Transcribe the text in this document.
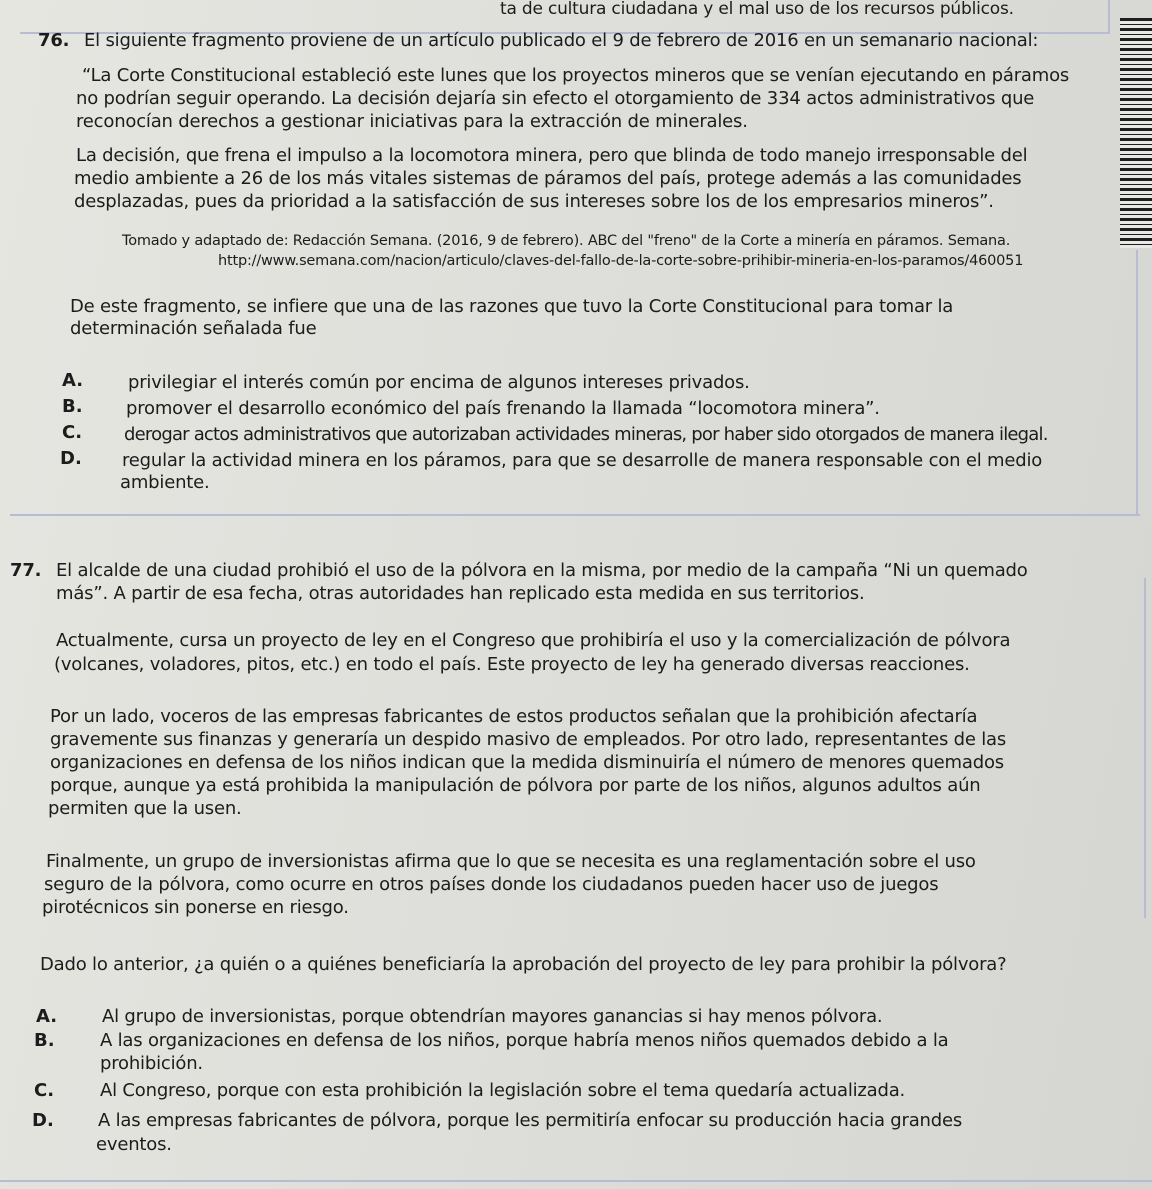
ta de cultura ciudadana y el mal uso de los recursos públicos.
76. El siguiente fragmento proviene de un artículo publicado el 9 de febrero de 2016 en un semanario nacional:
“La Corte Constitucional estableció este lunes que los proyectos mineros que se venían ejecutando en páramos
no podrían seguir operando. La decisión dejaría sin efecto el otorgamiento de 334 actos administrativos que
reconocían derechos a gestionar iniciativas para la extracción de minerales.
La decisión, que frena el impulso a la locomotora minera, pero que blinda de todo manejo irresponsable del
medio ambiente a 26 de los más vitales sistemas de páramos del país, protege además a las comunidades
desplazadas, pues da prioridad a la satisfacción de sus intereses sobre los de los empresarios mineros”.
Tomado y adaptado de: Redacción Semana. (2016, 9 de febrero). ABC del "freno" de la Corte a minería en páramos. Semana.
http://www.semana.com/nacion/articulo/claves-del-fallo-de-la-corte-sobre-prihibir-mineria-en-los-paramos/460051
De este fragmento, se infiere que una de las razones que tuvo la Corte Constitucional para tomar la
determinación señalada fue
A. privilegiar el interés común por encima de algunos intereses privados.
B. promover el desarrollo económico del país frenando la llamada “locomotora minera”.
C. derogar actos administrativos que autorizaban actividades mineras, por haber sido otorgados de manera ilegal.
D. regular la actividad minera en los páramos, para que se desarrolle de manera responsable con el medio
ambiente.
77. El alcalde de una ciudad prohibió el uso de la pólvora en la misma, por medio de la campaña “Ni un quemado
más”. A partir de esa fecha, otras autoridades han replicado esta medida en sus territorios.
Actualmente, cursa un proyecto de ley en el Congreso que prohibiría el uso y la comercialización de pólvora
(volcanes, voladores, pitos, etc.) en todo el país. Este proyecto de ley ha generado diversas reacciones.
Por un lado, voceros de las empresas fabricantes de estos productos señalan que la prohibición afectaría
gravemente sus finanzas y generaría un despido masivo de empleados. Por otro lado, representantes de las
organizaciones en defensa de los niños indican que la medida disminuiría el número de menores quemados
porque, aunque ya está prohibida la manipulación de pólvora por parte de los niños, algunos adultos aún
permiten que la usen.
Finalmente, un grupo de inversionistas afirma que lo que se necesita es una reglamentación sobre el uso
seguro de la pólvora, como ocurre en otros países donde los ciudadanos pueden hacer uso de juegos
pirotécnicos sin ponerse en riesgo.
Dado lo anterior, ¿a quién o a quiénes beneficiaría la aprobación del proyecto de ley para prohibir la pólvora?
A. Al grupo de inversionistas, porque obtendrían mayores ganancias si hay menos pólvora.
B.	A las organizaciones en defensa de los niños, porque habría menos niños quemados debido a la
prohibición.
C.	Al Congreso, porque con esta prohibición la legislación sobre el tema quedaría actualizada.
D. A las empresas fabricantes de pólvora, porque les permitiría enfocar su producción hacia grandes
eventos.
